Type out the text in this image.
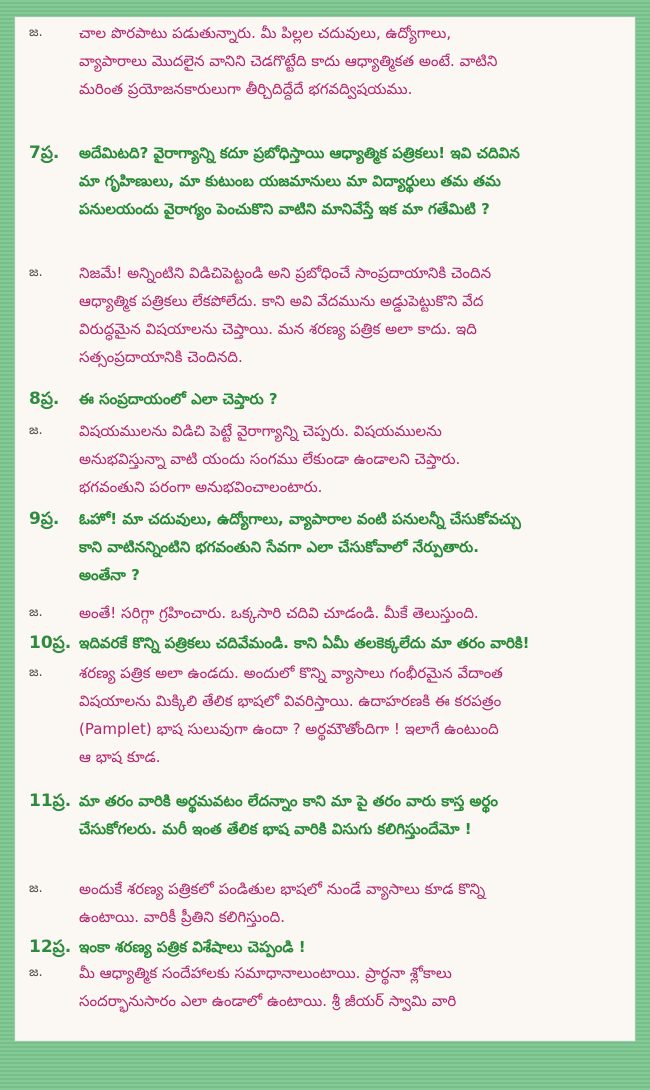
జ.	చాల పొరపాటు పడుతున్నారు. మీ పిల్లల చదువులు, ఉద్యోగాలు,
వ్యాపారాలు మొదలైన వానిని చెడగొట్టేది కాదు ఆధ్యాత్మికత అంటే. వాటిని
మరింత ప్రయోజనకారులుగా తీర్చిదిద్దేదే భగవద్విషయము.
7ప్ర.	అదేమిటది? వైరాగ్యాన్ని కదూ ప్రబోధిస్తాయి ఆధ్యాత్మిక పత్రికలు! ఇవి చదివిన
మా గృహిణులు, మా కుటుంబ యజమానులు మా విద్యార్థులు తమ తమ
పనులయందు వైరాగ్యం పెంచుకొని వాటిని మానివేస్తే ఇక మా గతేమిటి ?
జ.	నిజమే! అన్నింటిని విడిచిపెట్టండి అని ప్రబోధించే సాంప్రదాయానికి చెందిన
ఆధ్యాత్మిక పత్రికలు లేకపోలేదు. కాని అవి వేదమును అడ్డుపెట్టుకొని వేద
విరుద్ధమైన విషయాలను చెప్తాయి. మన శరణ్య పత్రిక అలా కాదు. ఇది
సత్సంప్రదాయానికి చెందినది.
8ప్ర.	ఈ సంప్రదాయంలో ఎలా చెప్తారు ?
జ.	విషయములను విడిచి పెట్టే వైరాగ్యాన్ని చెప్పరు. విషయములను
అనుభవిస్తున్నా వాటి యందు సంగము లేకుండా ఉండాలని చెప్తారు.
భగవంతుని పరంగా అనుభవించాలంటారు.
9ప్ర.	ఓహో! మా చదువులు, ఉద్యోగాలు, వ్యాపారాల వంటి పనులన్నీ చేసుకోవచ్చు
కాని వాటినన్నింటిని భగవంతుని సేవగా ఎలా చేసుకోవాలో నేర్పుతారు.
అంతేనా ?
జ.	అంతే! సరిగ్గా గ్రహించారు. ఒక్కసారి చదివి చూడండి. మీకే తెలుస్తుంది.
10ప్ర. ఇదివరకే కొన్ని పత్రికలు చదివేమండి. కాని ఏమీ తలకెక్కలేదు మా తరం వారికి!
జ.	శరణ్య పత్రిక అలా ఉండదు. అందులో కొన్ని వ్యాసాలు గంభీరమైన వేదాంత
విషయాలను మిక్కిలి తేలిక భాషలో వివరిస్తాయి. ఉదాహరణకి ఈ కరపత్రం
(Pamplet) భాష సులువుగా ఉందా ? అర్థమౌతోందిగా ! ఇలాగే ఉంటుంది
ఆ భాష కూడ.
11ప్ర. మా తరం వారికి అర్థమవటం లేదన్నాం కాని మా పై తరం వారు కాస్త అర్థం
చేసుకోగలరు. మరీ ఇంత తేలిక భాష వారికి విసుగు కలిగిస్తుందేమో !
జ.	అందుకే శరణ్య పత్రికలో పండితుల భాషలో నుండే వ్యాసాలు కూడ కొన్ని
ఉంటాయి. వారికీ ప్రీతిని కలిగిస్తుంది.
12ప్ర. ఇంకా శరణ్య పత్రిక విశేషాలు చెప్పండి !
జ.	మీ ఆధ్యాత్మిక సందేహాలకు సమాధానాలుంటాయి. ప్రార్థనా శ్లోకాలు
సందర్భానుసారం ఎలా ఉండాలో ఉంటాయి. శ్రీ జీయర్ స్వామి వారి
